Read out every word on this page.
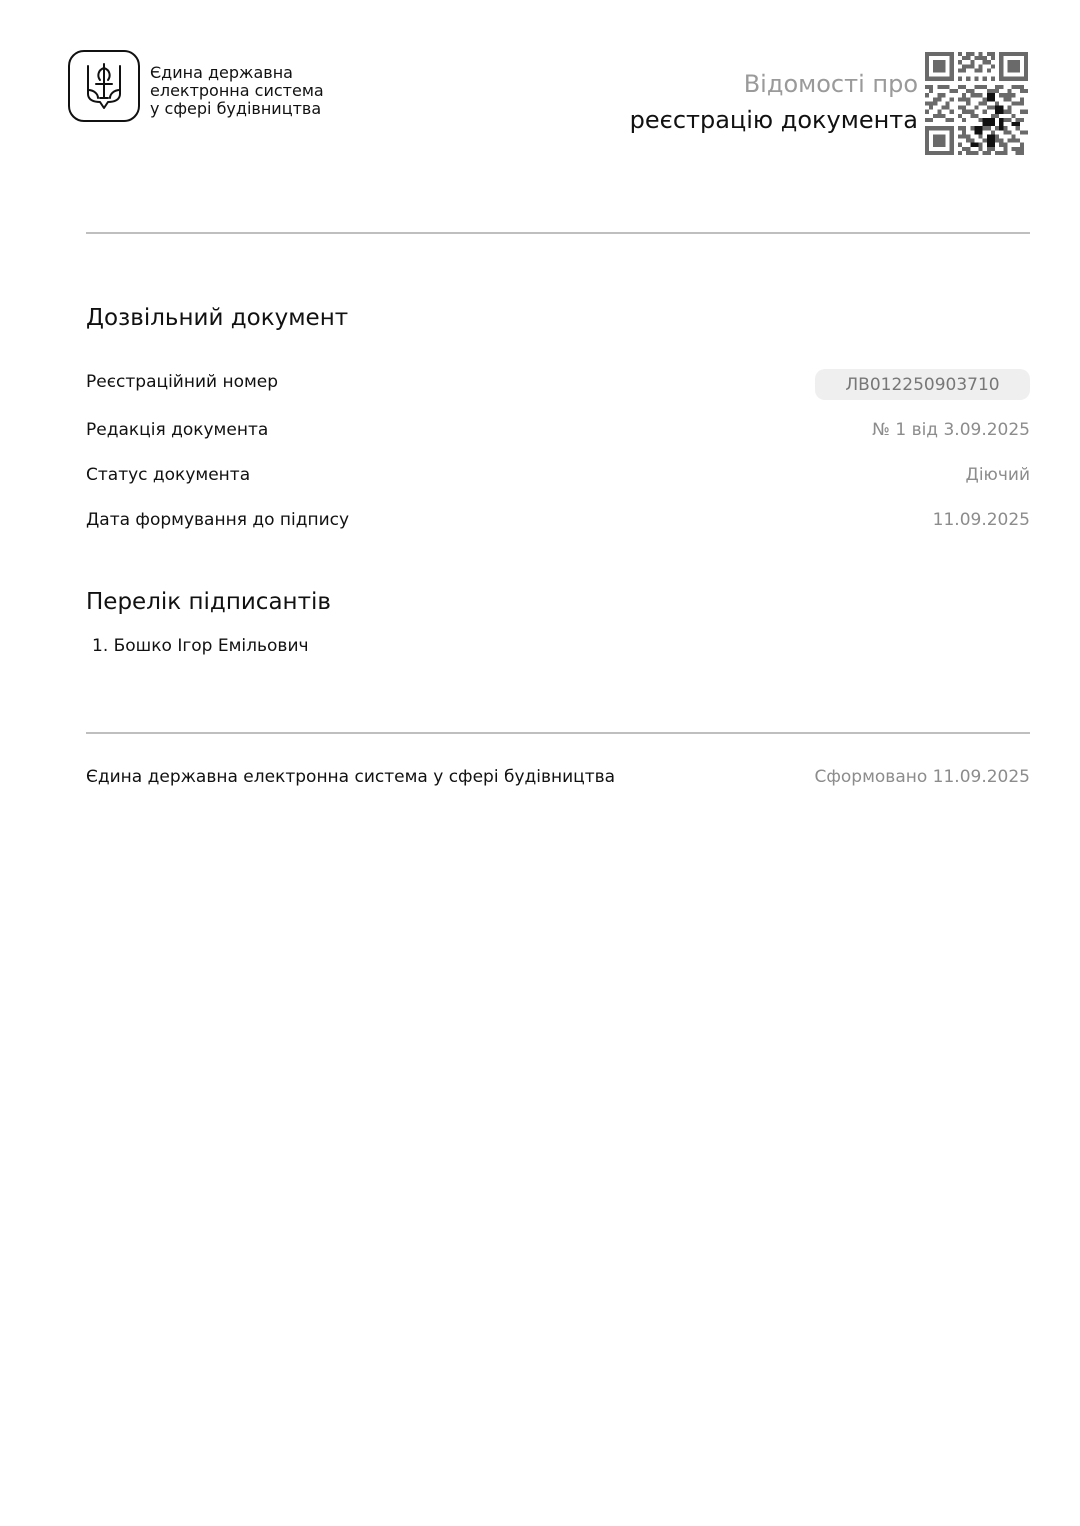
Єдина державна
електронна система
у сфері будівництва
Відомості про
реєстрацію документа
Дозвільний документ
Реєстраційний номер	ЛВ012250903710
Редакція документа	№ 1 від 3.09.2025
Статус документа	Діючий
Дата формування до підпису	11.09.2025
Перелік підписантів
1. Бошко Ігор Емільович
Єдина державна електронна система у сфері будівництва	Сформовано 11.09.2025
